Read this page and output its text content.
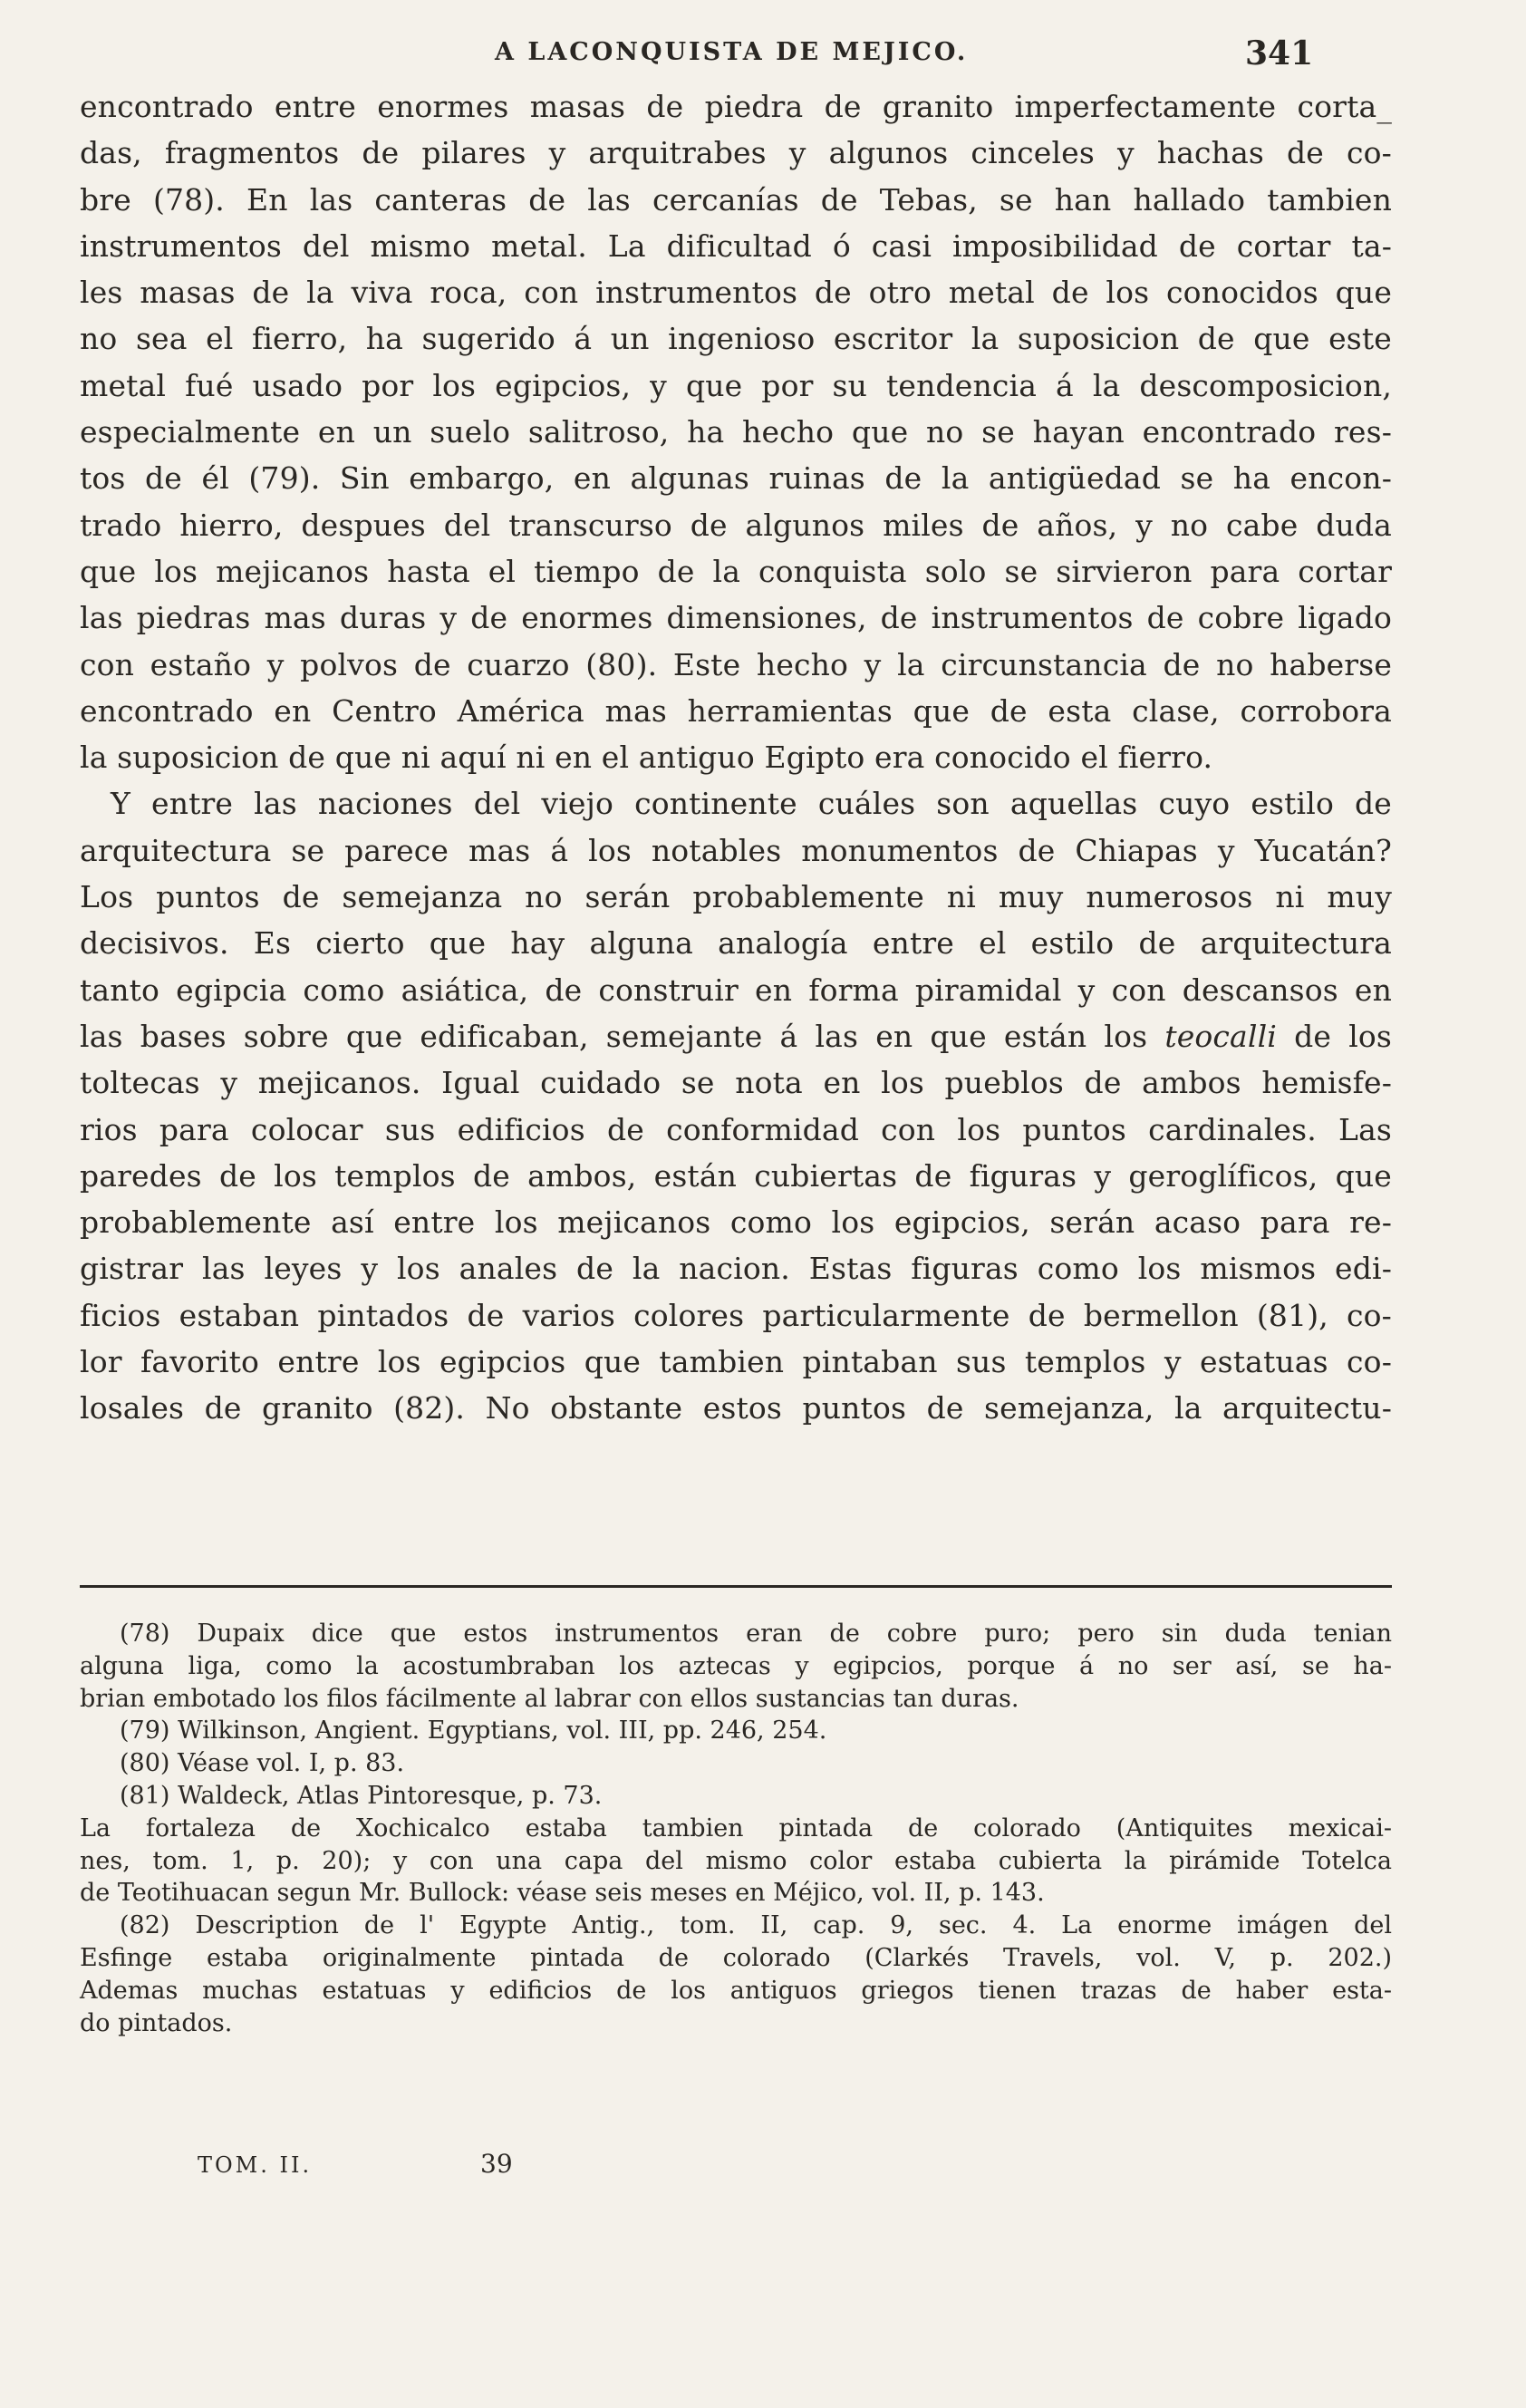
A LACONQUISTA DE MEJICO.	341
encontrado entre enormes masas de piedra de granito imperfectamente corta_
das, fragmentos de pilares y arquitrabes y algunos cinceles y hachas de co-
bre (78). En las canteras de las cercanías de Tebas, se han hallado tambien
instrumentos del mismo metal. La dificultad ó casi imposibilidad de cortar ta-
les masas de la viva roca, con instrumentos de otro metal de los conocidos que
no sea el fierro, ha sugerido á un ingenioso escritor la suposicion de que este
metal fué usado por los egipcios, y que por su tendencia á la descomposicion,
especialmente en un suelo salitroso, ha hecho que no se hayan encontrado res-
tos de él (79). Sin embargo, en algunas ruinas de la antigüedad se ha encon-
trado hierro, despues del transcurso de algunos miles de años, y no cabe duda
que los mejicanos hasta el tiempo de la conquista solo se sirvieron para cortar
las piedras mas duras y de enormes dimensiones, de instrumentos de cobre ligado
con estaño y polvos de cuarzo (80). Este hecho y la circunstancia de no haberse
encontrado en Centro América mas herramientas que de esta clase, corrobora
la suposicion de que ni aquí ni en el antiguo Egipto era conocido el fierro.
Y entre las naciones del viejo continente cuáles son aquellas cuyo estilo de
arquitectura se parece mas á los notables monumentos de Chiapas y Yucatán?
Los puntos de semejanza no serán probablemente ni muy numerosos ni muy
decisivos. Es cierto que hay alguna analogía entre el estilo de arquitectura
tanto egipcia como asiática, de construir en forma piramidal y con descansos en
las bases sobre que edificaban, semejante á las en que están los teocalli de los
toltecas y mejicanos. Igual cuidado se nota en los pueblos de ambos hemisfe-
rios para colocar sus edificios de conformidad con los puntos cardinales. Las
paredes de los templos de ambos, están cubiertas de figuras y geroglíficos, que
probablemente así entre los mejicanos como los egipcios, serán acaso para re-
gistrar las leyes y los anales de la nacion. Estas figuras como los mismos edi-
ficios estaban pintados de varios colores particularmente de bermellon (81), co-
lor favorito entre los egipcios que tambien pintaban sus templos y estatuas co-
losales de granito (82). No obstante estos puntos de semejanza, la arquitectu-
(78) Dupaix dice que estos instrumentos eran de cobre puro; pero sin duda tenian
alguna liga, como la acostumbraban los aztecas y egipcios, porque á no ser así, se ha-
brian embotado los filos fácilmente al labrar con ellos sustancias tan duras.
(79) Wilkinson, Angient. Egyptians, vol. III, pp. 246, 254.
(80) Véase vol. I, p. 83.
(81) Waldeck, Atlas Pintoresque, p. 73.
La fortaleza de Xochicalco estaba tambien pintada de colorado (Antiquites mexicai-
nes, tom. 1, p. 20); y con una capa del mismo color estaba cubierta la pirámide Totelca
de Teotihuacan segun Mr. Bullock: véase seis meses en Méjico, vol. II, p. 143.
(82) Description de l' Egypte Antig., tom. II, cap. 9, sec. 4. La enorme imágen del
Esfinge estaba originalmente pintada de colorado (Clarkés Travels, vol. V, p. 202.)
Ademas muchas estatuas y edificios de los antiguos griegos tienen trazas de haber esta-
do pintados.
TOM. II.	39
